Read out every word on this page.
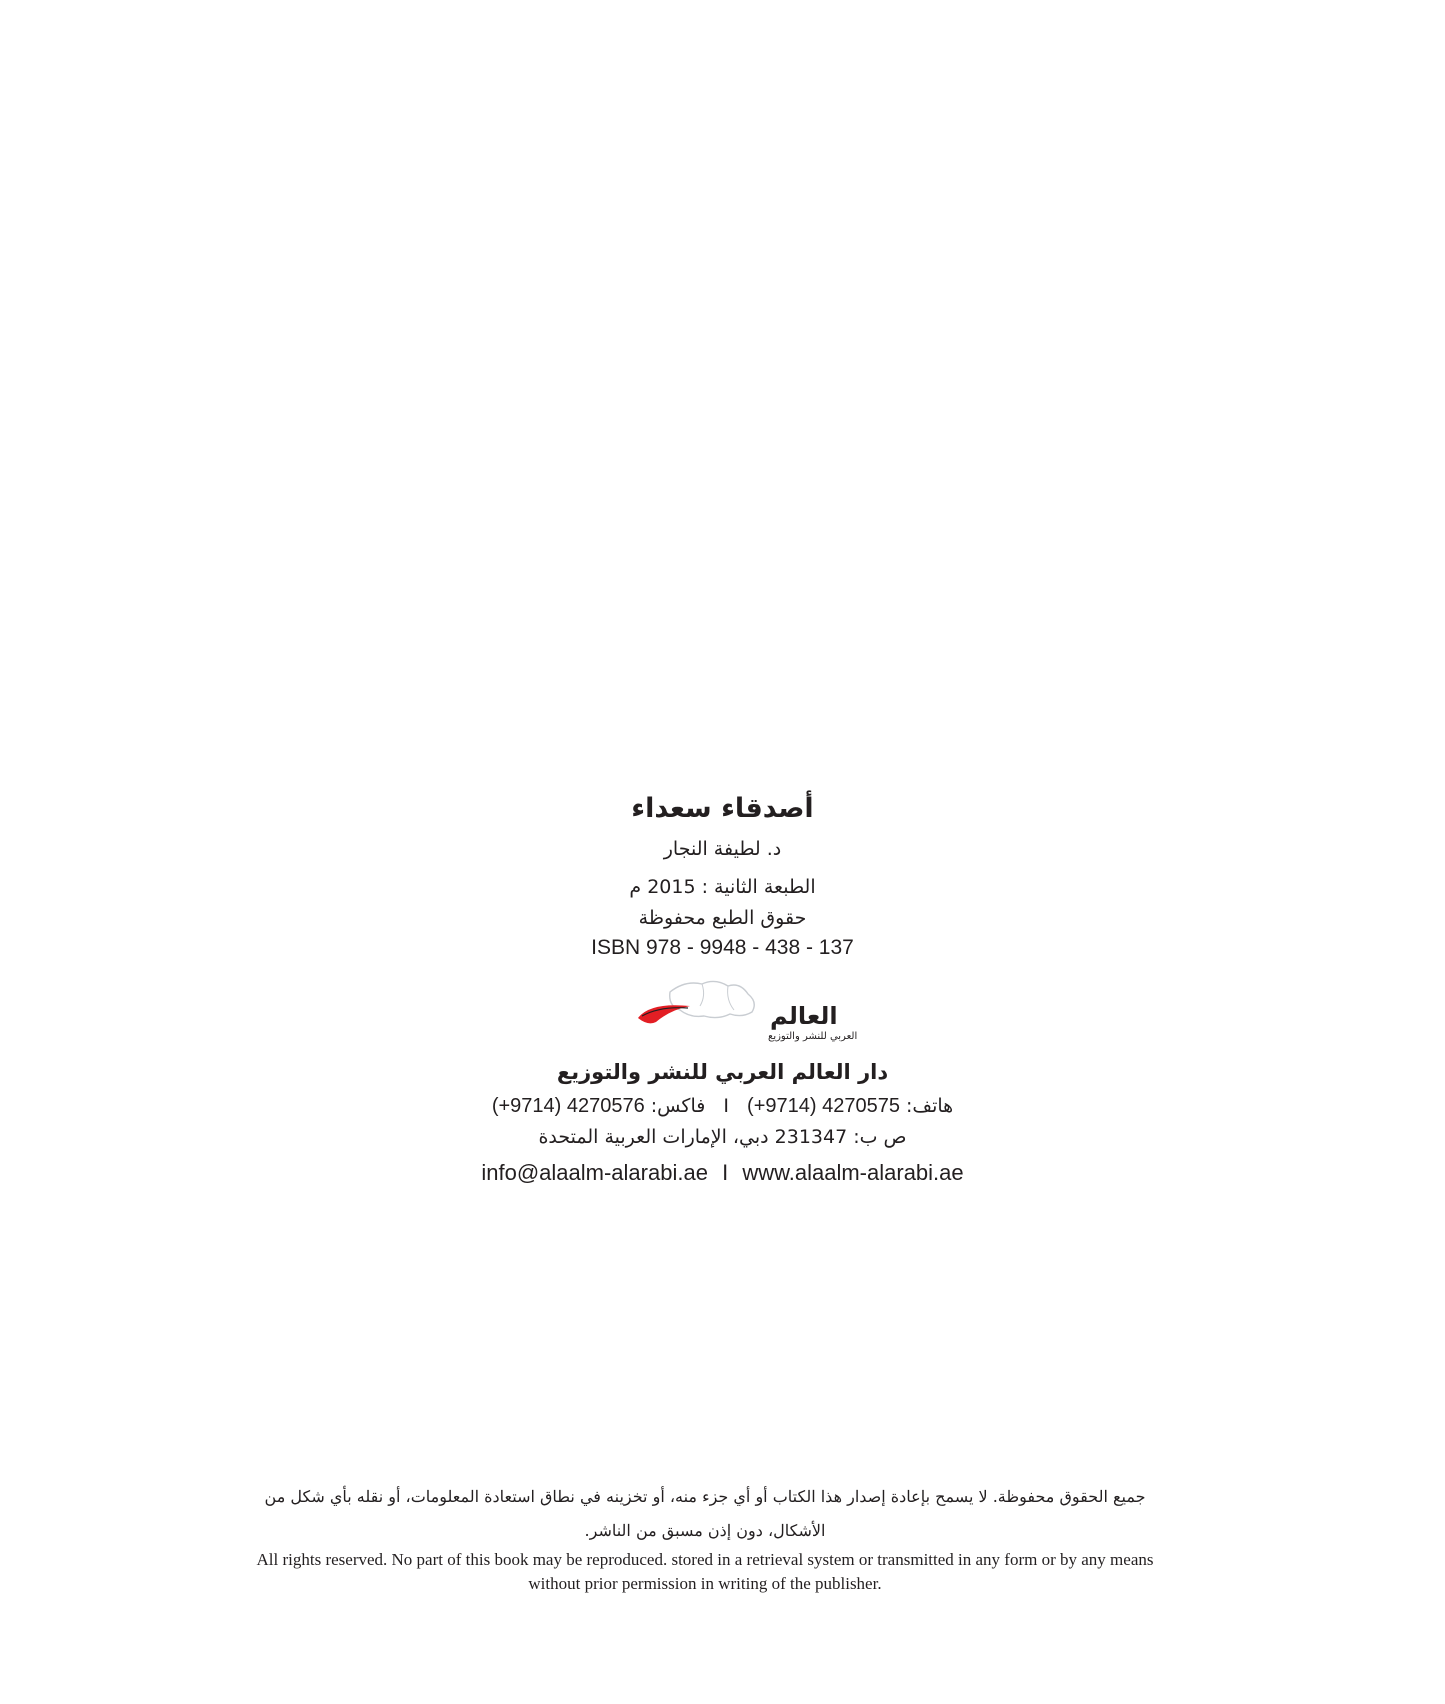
أصدقاء سعداء
د. لطيفة النجار
الطبعة الثانية : 2015 م
حقوق الطبع محفوظة
ISBN 978 - 9948 - 438 - 137
العالم
العربي للنشر والتوزيع
دار العالم العربي للنشر والتوزيع
هاتف: (+9714) 4270575 I فاكس: (+9714) 4270576
ص ب: 231347 دبي، الإمارات العربية المتحدة
info@alaalm-alarabi.ae I www.alaalm-alarabi.ae
جميع الحقوق محفوظة. لا يسمح بإعادة إصدار هذا الكتاب أو أي جزء منه، أو تخزينه في نطاق استعادة المعلومات، أو نقله بأي شكل من الأشكال، دون إذن مسبق من الناشر.
All rights reserved. No part of this book may be reproduced. stored in a retrieval system or transmitted in any form or by any means without prior permission in writing of the publisher.
